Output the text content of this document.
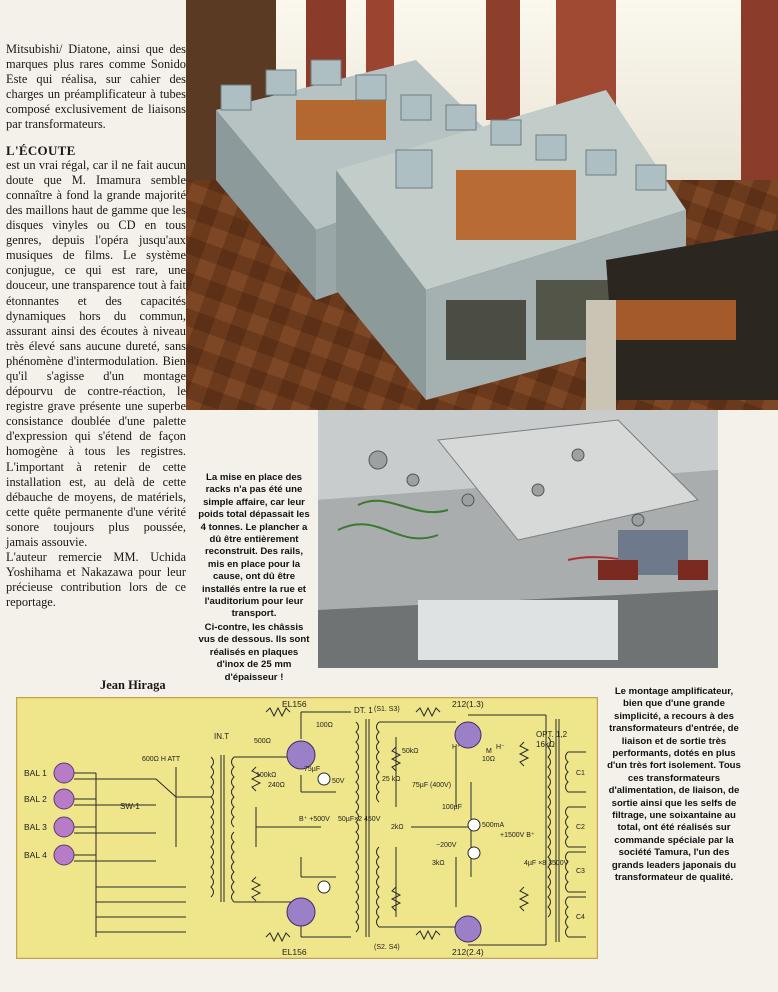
Mitsubishi/ Diatone, ainsi que des marques plus rares comme Sonido Este qui réalisa, sur cahier des charges un préamplificateur à tubes composé exclusivement de liaisons par transformateurs.

L'ÉCOUTE

est un vrai régal, car il ne fait aucun doute que M. Imamura semble connaître à fond la grande majorité des maillons haut de gamme que les disques vinyles ou CD en tous genres, depuis l'opéra jusqu'aux musiques de films. Le système conjugue, ce qui est rare, une douceur, une transparence tout à fait étonnantes et des capacités dynamiques hors du commun, assurant ainsi des écoutes à niveau très élevé sans aucune dureté, sans phénomène d'intermodulation. Bien qu'il s'agisse d'un montage dépourvu de contre-réaction, le registre grave présente une superbe consistance doublée d'une palette d'expression qui s'étend de façon homogène à tous les registres. L'important à retenir de cette installation est, au delà de cette débauche de moyens, de matériels, cette quête permanente d'une vérité sonore toujours plus poussée, jamais assouvie.

L'auteur remercie MM. Uchida Yoshihama et Nakazawa pour leur précieuse contribution lors de ce reportage.

Jean Hiraga
La mise en place des racks n'a pas été une simple affaire, car leur poids total dépassait les 4 tonnes. Le plancher a dû être entièrement reconstruit. Des rails, mis en place pour la cause, ont dû être installés entre la rue et l'auditorium pour leur transport.
Ci-contre, les châssis vus de dessous. Ils sont réalisés en plaques d'inox de 25 mm d'épaisseur !
Le montage amplificateur, bien que d'une grande simplicité, a recours à des transformateurs d'entrée, de liaison et de sortie très performants, dotés en plus d'un très fort isolement. Tous ces transformateurs d'alimentation, de liaison, de sortie ainsi que les selfs de filtrage, une soixantaine au total, ont été réalisés sur commande spéciale par la société Tamura, l'un des grands leaders japonais du transformateur de qualité.
BAL 1
BAL 2
BAL 3
BAL 4
SW-1
600Ω H ATT
IN.T
EL156
EL156
DT. 1
212(1.3)
212(2.4)
OPT. 1,2
16kΩ
C1
C2
C3
C4
500Ω
100Ω
100kΩ
240Ω
75µF
50V
B⁺ +500V 50µF×2 450V
(S1. S3)
(S2. S4)
50kΩ
75µF (400V)
25 kΩ
2kΩ
−200V
3kΩ
500mA
100µF
10Ω
M
H⁺	H⁻
+1500V B⁺
4µF ×8 3500V
